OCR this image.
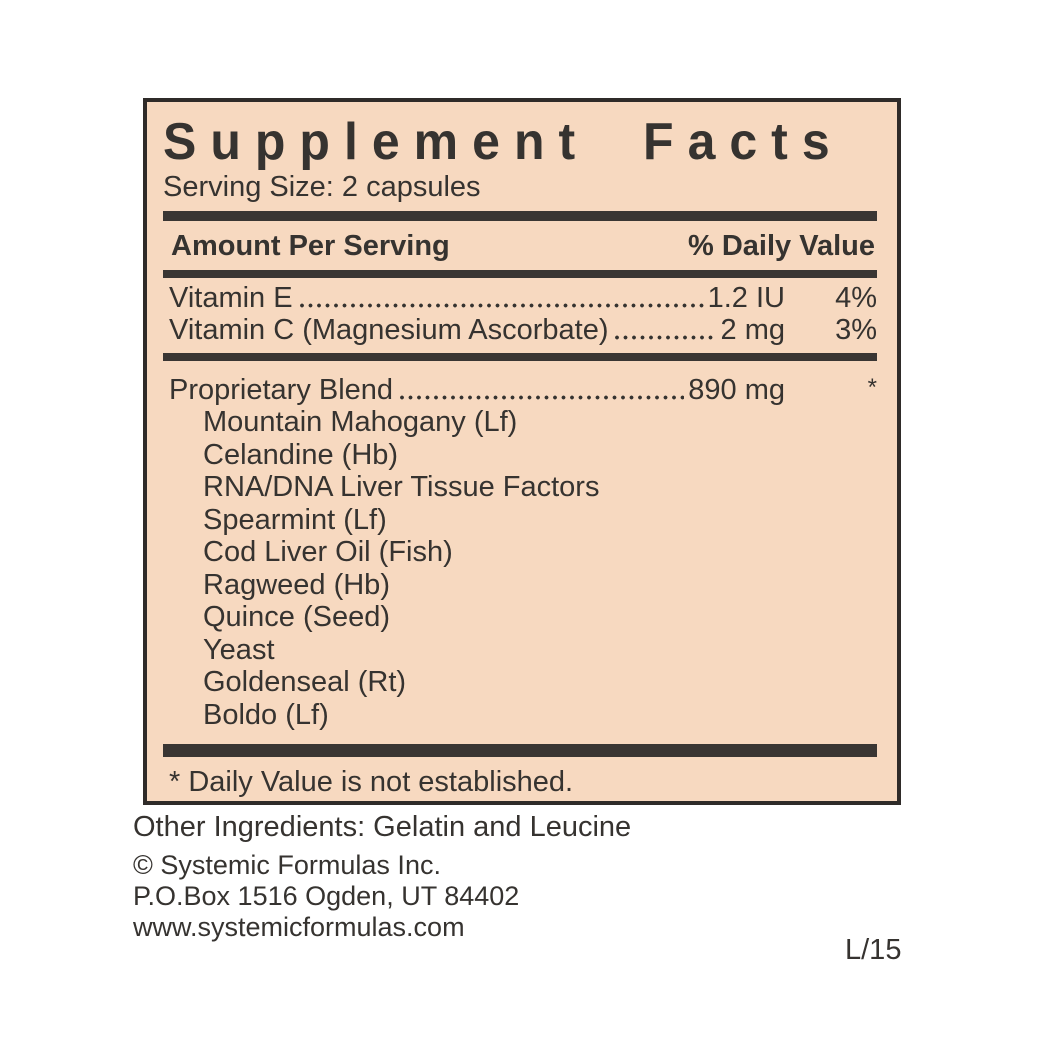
Supplement Facts
Serving Size: 2 capsules
Amount Per Serving	% Daily Value
Vitamin E	1.2 IU	4%
Vitamin C (Magnesium Ascorbate)	2 mg	3%
Proprietary Blend	890 mg	*
Mountain Mahogany (Lf)
Celandine (Hb)
RNA/DNA Liver Tissue Factors
Spearmint (Lf)
Cod Liver Oil (Fish)
Ragweed (Hb)
Quince (Seed)
Yeast
Goldenseal (Rt)
Boldo (Lf)
* Daily Value is not established.
Other Ingredients: Gelatin and Leucine
© Systemic Formulas Inc.
P.O.Box 1516 Ogden, UT 84402
www.systemicformulas.com
L/15
